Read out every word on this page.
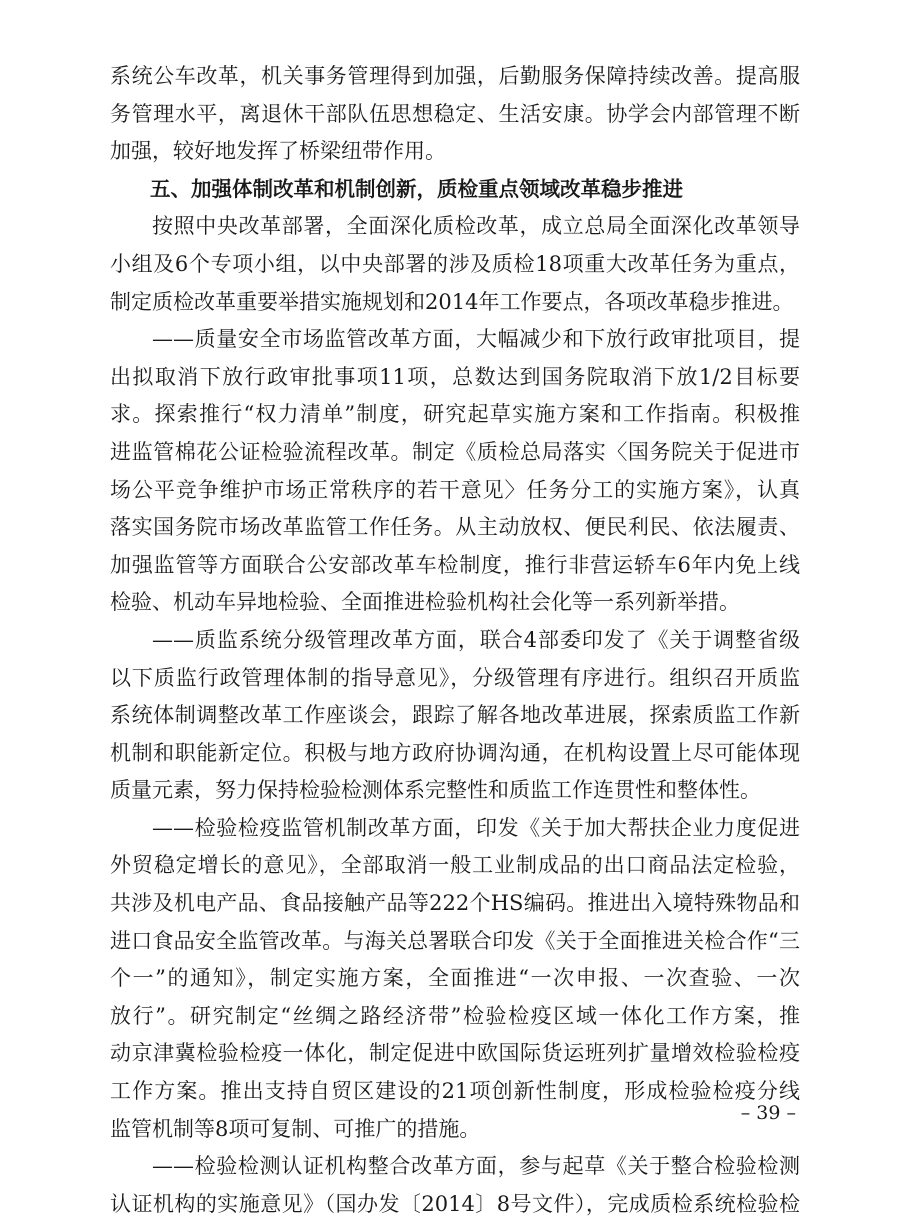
系统公车改革，机关事务管理得到加强，后勤服务保障持续改善。提高服
务管理水平，离退休干部队伍思想稳定、生活安康。协学会内部管理不断
加强，较好地发挥了桥梁纽带作用。
五、加强体制改革和机制创新，质检重点领域改革稳步推进
按照中央改革部署，全面深化质检改革，成立总局全面深化改革领导
小组及6个专项小组，以中央部署的涉及质检18项重大改革任务为重点，
制定质检改革重要举措实施规划和2014年工作要点，各项改革稳步推进。
——质量安全市场监管改革方面，大幅减少和下放行政审批项目，提
出拟取消下放行政审批事项11项，总数达到国务院取消下放1/2目标要
求。探索推行“权力清单”制度，研究起草实施方案和工作指南。积极推
进监管棉花公证检验流程改革。制定《质检总局落实〈国务院关于促进市
场公平竞争维护市场正常秩序的若干意见〉任务分工的实施方案》，认真
落实国务院市场改革监管工作任务。从主动放权、便民利民、依法履责、
加强监管等方面联合公安部改革车检制度，推行非营运轿车6年内免上线
检验、机动车异地检验、全面推进检验机构社会化等一系列新举措。
——质监系统分级管理改革方面，联合4部委印发了《关于调整省级
以下质监行政管理体制的指导意见》，分级管理有序进行。组织召开质监
系统体制调整改革工作座谈会，跟踪了解各地改革进展，探索质监工作新
机制和职能新定位。积极与地方政府协调沟通，在机构设置上尽可能体现
质量元素，努力保持检验检测体系完整性和质监工作连贯性和整体性。
——检验检疫监管机制改革方面，印发《关于加大帮扶企业力度促进
外贸稳定增长的意见》，全部取消一般工业制成品的出口商品法定检验，
共涉及机电产品、食品接触产品等222个HS编码。推进出入境特殊物品和
进口食品安全监管改革。与海关总署联合印发《关于全面推进关检合作“三
个一”的通知》，制定实施方案，全面推进“一次申报、一次查验、一次
放行”。研究制定“丝绸之路经济带”检验检疫区域一体化工作方案，推
动京津冀检验检疫一体化，制定促进中欧国际货运班列扩量增效检验检疫
工作方案。推出支持自贸区建设的21项创新性制度，形成检验检疫分线
监管机制等8项可复制、可推广的措施。
——检验检测认证机构整合改革方面，参与起草《关于整合检验检测
认证机构的实施意见》（国办发〔2014〕8号文件），完成质检系统检验检
– 39 –
